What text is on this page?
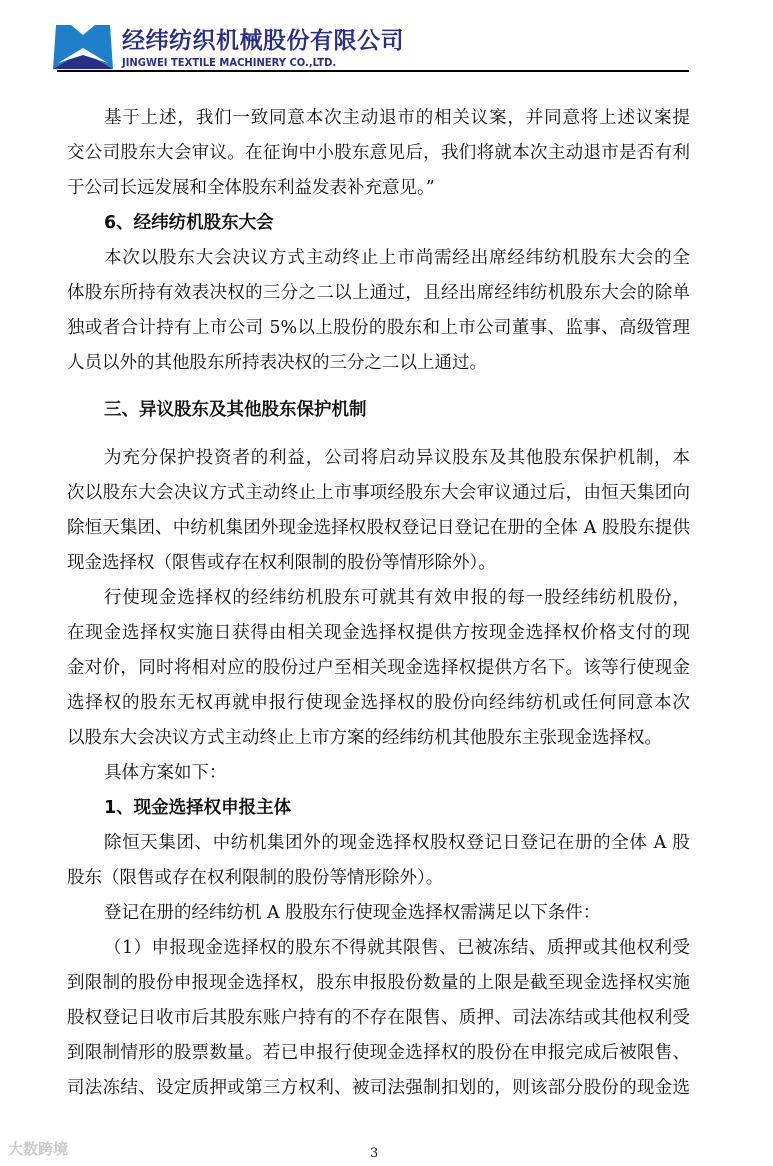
经纬纺织机械股份有限公司
JINGWEI TEXTILE MACHINERY CO.,LTD.
基于上述，我们一致同意本次主动退市的相关议案，并同意将上述议案提
交公司股东大会审议。在征询中小股东意见后，我们将就本次主动退市是否有利
于公司长远发展和全体股东利益发表补充意见。”
6、经纬纺机股东大会
本次以股东大会决议方式主动终止上市尚需经出席经纬纺机股东大会的全
体股东所持有效表决权的三分之二以上通过，且经出席经纬纺机股东大会的除单
独或者合计持有上市公司 5%以上股份的股东和上市公司董事、监事、高级管理
人员以外的其他股东所持表决权的三分之二以上通过。
三、异议股东及其他股东保护机制
为充分保护投资者的利益，公司将启动异议股东及其他股东保护机制，本
次以股东大会决议方式主动终止上市事项经股东大会审议通过后，由恒天集团向
除恒天集团、中纺机集团外现金选择权股权登记日登记在册的全体 A 股股东提供
现金选择权（限售或存在权利限制的股份等情形除外）。
行使现金选择权的经纬纺机股东可就其有效申报的每一股经纬纺机股份，
在现金选择权实施日获得由相关现金选择权提供方按现金选择权价格支付的现
金对价，同时将相对应的股份过户至相关现金选择权提供方名下。该等行使现金
选择权的股东无权再就申报行使现金选择权的股份向经纬纺机或任何同意本次
以股东大会决议方式主动终止上市方案的经纬纺机其他股东主张现金选择权。
具体方案如下：
1、现金选择权申报主体
除恒天集团、中纺机集团外的现金选择权股权登记日登记在册的全体 A 股
股东（限售或存在权利限制的股份等情形除外）。
登记在册的经纬纺机 A 股股东行使现金选择权需满足以下条件：
（1）申报现金选择权的股东不得就其限售、已被冻结、质押或其他权利受
到限制的股份申报现金选择权，股东申报股份数量的上限是截至现金选择权实施
股权登记日收市后其股东账户持有的不存在限售、质押、司法冻结或其他权利受
到限制情形的股票数量。若已申报行使现金选择权的股份在申报完成后被限售、
司法冻结、设定质押或第三方权利、被司法强制扣划的，则该部分股份的现金选
大数跨境	3
